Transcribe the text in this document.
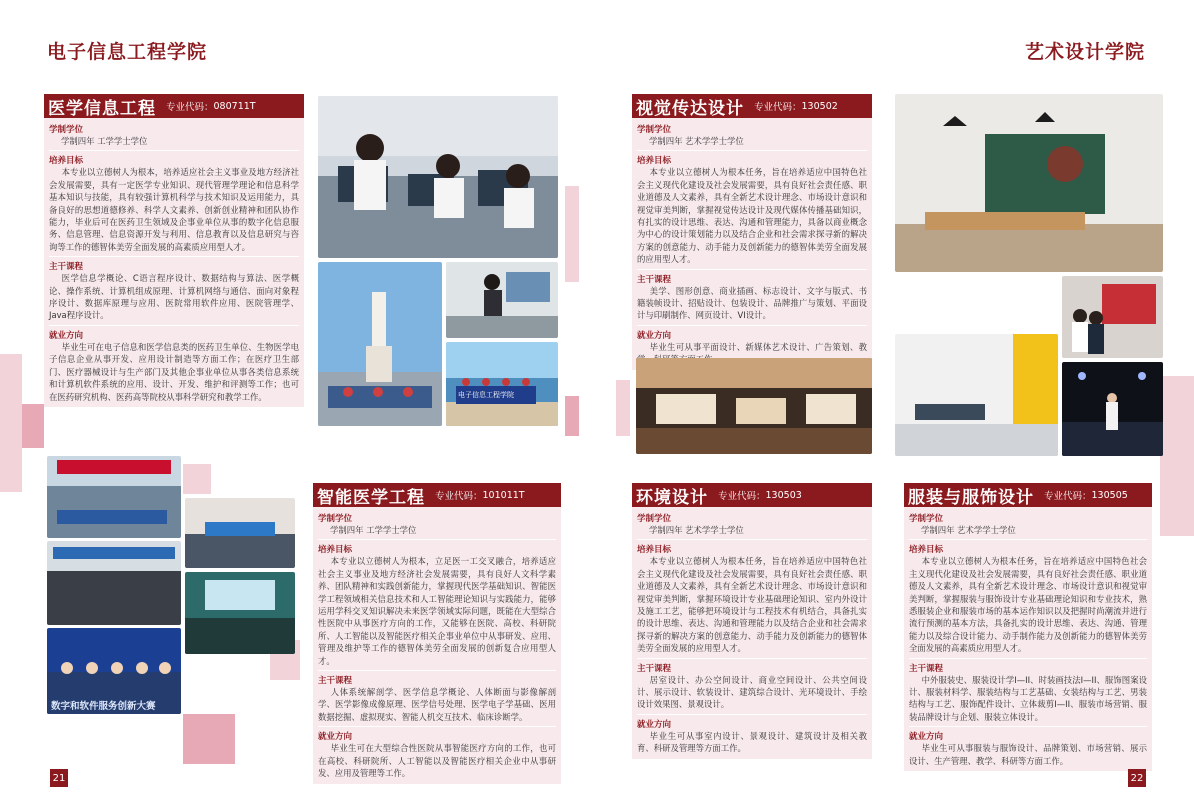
电子信息工程学院	艺术设计学院
医学信息工程 专业代码： 080711T
学制学位
学制四年 工学学士学位
培养目标
本专业以立德树人为根本，培养适应社会主义事业及地方经济社会发展需要，具有一定医学专业知识、现代管理学理论和信息科学基本知识与技能，具有较强计算机科学与技术知识及运用能力，具备良好的思想道德修养、科学人文素养、创新创业精神和团队协作能力，毕业后可在医药卫生领域及企事业单位从事的数字化信息服务、信息管理、信息资源开发与利用、信息教育以及信息研究与咨询等工作的德智体美劳全面发展的高素质应用型人才。
主干课程
医学信息学概论、C语言程序设计、数据结构与算法、医学概论、操作系统、计算机组成原理、计算机网络与通信、面向对象程序设计、数据库原理与应用、医院常用软件应用、医院管理学、Java程序设计。
就业方向
毕业生可在电子信息和医学信息类的医药卫生单位、生物医学电子信息企业从事开发、应用设计制造等方面工作；在医疗卫生部门、医疗器械设计与生产部门及其他企事业单位从事各类信息系统和计算机软件系统的应用、设计、开发、维护和评测等工作；也可在医药研究机构、医药高等院校从事科学研究和教学工作。	电子信息工程学院
数字和软件服务创新大赛
智能医学工程 专业代码： 101011T
学制学位
学制四年 工学学士学位
培养目标
本专业以立德树人为根本，立足医一工交叉融合，培养适应社会主义事业及地方经济社会发展需要，具有良好人文科学素养、团队精神和实践创新能力，掌握现代医学基础知识、智能医学工程领域相关信息技术和人工智能理论知识与实践能力，能够运用学科交叉知识解决未来医学领域实际问题，既能在大型综合性医院中从事医疗方向的工作，又能够在医院、高校、科研院所、人工智能以及智能医疗相关企事业单位中从事研发、应用、管理及维护等工作的德智体美劳全面发展的创新复合应用型人才。
主干课程
人体系统解剖学、医学信息学概论、人体断面与影像解剖学、医学影像成像原理、医学信号处理、医学电子学基础、医用数据挖掘、虚拟现实、智能人机交互技术、临床诊断学。
就业方向
毕业生可在大型综合性医院从事智能医疗方向的工作，也可在高校、科研院所、人工智能以及智能医疗相关企业中从事研发、应用及管理等工作。
视觉传达设计 专业代码： 130502
学制学位
学制四年 艺术学学士学位
培养目标
本专业以立德树人为根本任务，旨在培养适应中国特色社会主义现代化建设及社会发展需要，具有良好社会责任感、职业道德及人文素养，具有全新艺术设计理念、市场设计意识和视觉审美判断，掌握视觉传达设计及现代媒体传播基础知识，有扎实的设计思维、表达、沟通和管理能力，具备以商业概念为中心的设计策划能力以及结合企业和社会需求探寻新的解决方案的创意能力、动手能力及创新能力的德智体美劳全面发展的应用型人才。
主干课程
美学、图形创意、商业插画、标志设计、文字与版式、书籍装帧设计、招贴设计、包装设计、品牌推广与策划、平面设计与印刷制作、网页设计、VI设计。
就业方向
毕业生可从事平面设计、新媒体艺术设计、广告策划、教
环境设计 专业代码： 130503
学制学位
学制四年 艺术学学士学位
培养目标
本专业以立德树人为根本任务，旨在培养适应中国特色社会主义现代化建设及社会发展需要，具有良好社会责任感、职业道德及人文素养，具有全新艺术设计理念、市场设计意识和视觉审美判断，掌握环境设计专业基础理论知识、室内外设计及施工工艺，能够把环境设计与工程技术有机结合，具备扎实的设计思维、表达、沟通和管理能力以及结合企业和社会需求探寻新的解决方案的创意能力、动手能力及创新能力的德智体美劳全面发展的应用型人才。
主干课程
居室设计、办公空间设计、商业空间设计、公共空间设计、展示设计、软装设计、建筑综合设计、光环境设计、手绘设计效果图、景观设计。
就业方向
毕业生可从事室内设计、景观设计、建筑设计及相关教育、科研及管理等方面工作。
服装与服饰设计 专业代码： 130505
学制学位
学制四年 艺术学学士学位
培养目标
本专业以立德树人为根本任务，旨在培养适应中国特色社会主义现代化建设及社会发展需要，具有良好社会责任感、职业道德及人文素养，具有全新艺术设计理念、市场设计意识和视觉审美判断，掌握服装与服饰设计专业基础理论知识和专业技术，熟悉服装企业和服装市场的基本运作知识以及把握时尚潮流并进行流行预测的基本方法，具备扎实的设计思维、表达、沟通、管理能力以及综合设计能力、动手制作能力及创新能力的德智体美劳全面发展的高素质应用型人才。
主干课程
中外服装史、服装设计学I—II、时装画技法I—II、服饰图案设计、服装材料学、服装结构与工艺基础、女装结构与工艺、男装结构与工艺、服饰配件设计、立体裁剪I—II、服装市场营销、服装品牌设计与企划、服装立体设计。
就业方向
毕业生可从事服装与服饰设计、品牌策划、市场营销、展示设计、生产管理、教学、科研等方面工作。
21	22
